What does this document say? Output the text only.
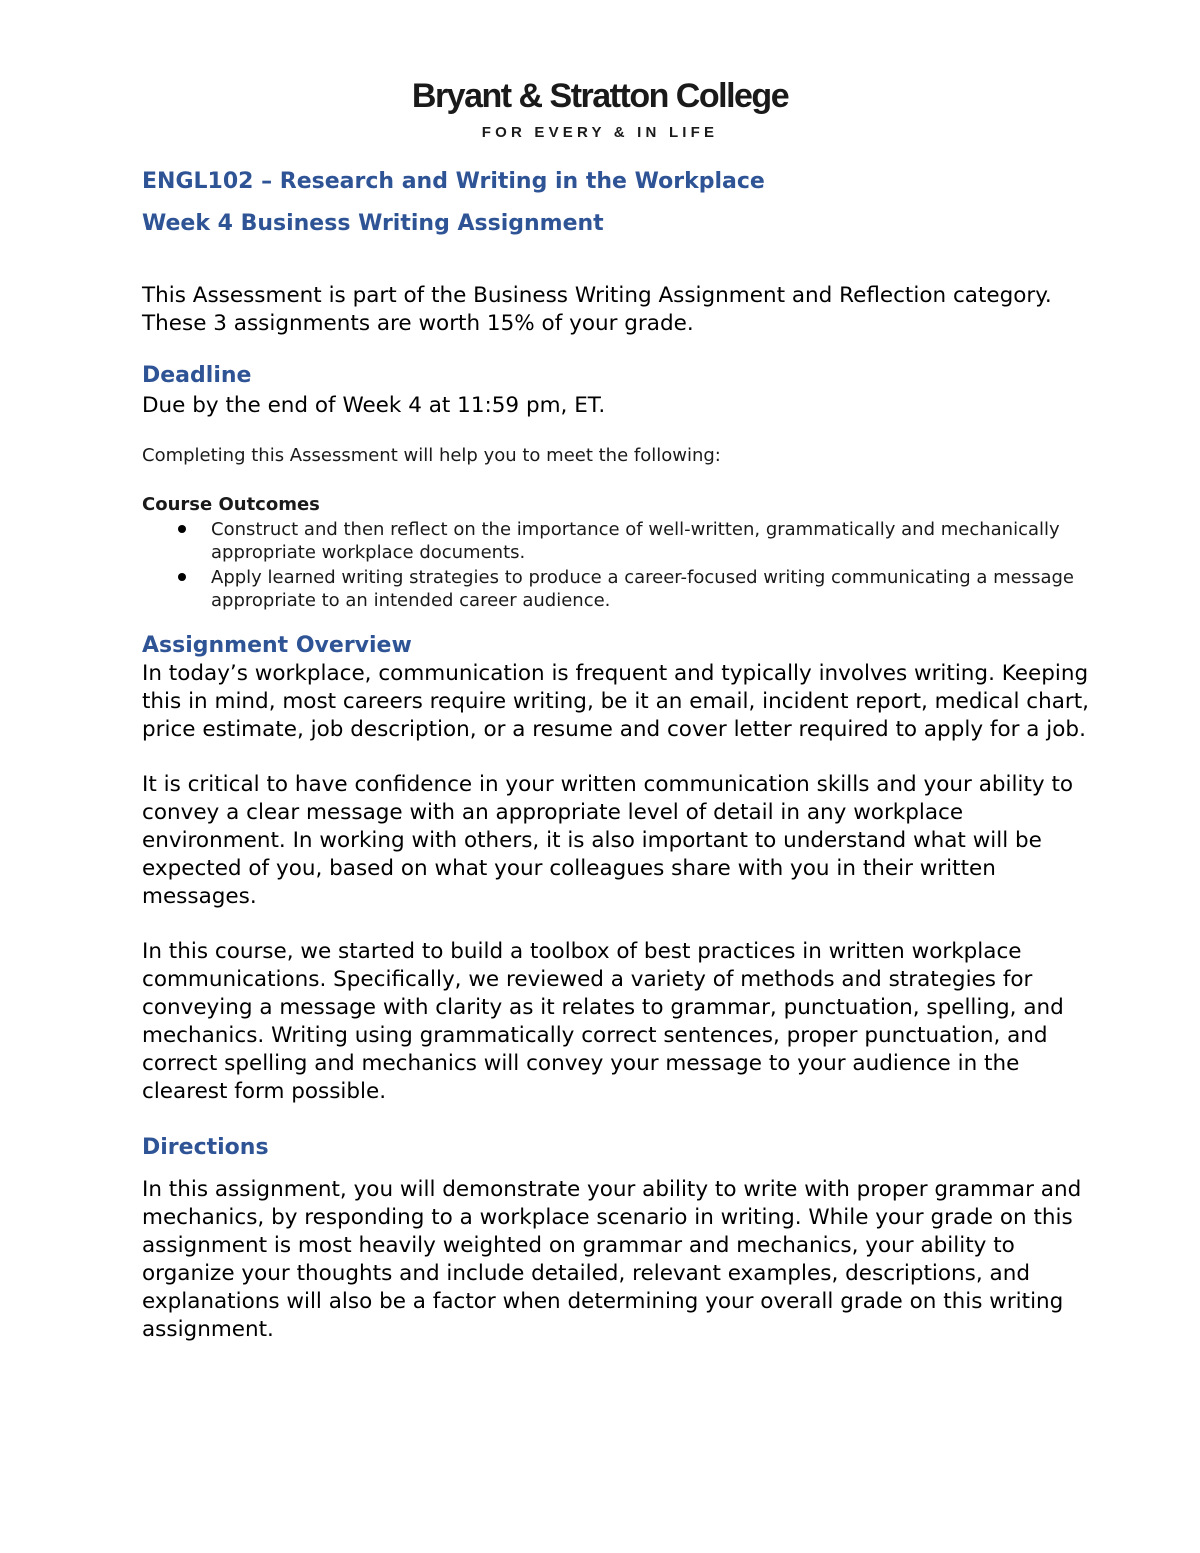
Bryant & Stratton College
FOR EVERY & IN LIFE
ENGL102 – Research and Writing in the Workplace
Week 4 Business Writing Assignment

This Assessment is part of the Business Writing Assignment and Reflection category. These 3 assignments are worth 15% of your grade.

Deadline

Due by the end of Week 4 at 11:59 pm, ET.

Completing this Assessment will help you to meet the following:

Course Outcomes

Construct and then reflect on the importance of well-written, grammatically and mechanically appropriate workplace documents.
Apply learned writing strategies to produce a career-focused writing communicating a message appropriate to an intended career audience.
Assignment Overview

In today’s workplace, communication is frequent and typically involves writing. Keeping this in mind, most careers require writing, be it an email, incident report, medical chart, price estimate, job description, or a resume and cover letter required to apply for a job.

It is critical to have confidence in your written communication skills and your ability to convey a clear message with an appropriate level of detail in any workplace environment. In working with others, it is also important to understand what will be expected of you, based on what your colleagues share with you in their written messages.

In this course, we started to build a toolbox of best practices in written workplace communications. Specifically, we reviewed a variety of methods and strategies for conveying a message with clarity as it relates to grammar, punctuation, spelling, and mechanics. Writing using grammatically correct sentences, proper punctuation, and correct spelling and mechanics will convey your message to your audience in the clearest form possible.

Directions

In this assignment, you will demonstrate your ability to write with proper grammar and mechanics, by responding to a workplace scenario in writing. While your grade on this assignment is most heavily weighted on grammar and mechanics, your ability to organize your thoughts and include detailed, relevant examples, descriptions, and explanations will also be a factor when determining your overall grade on this writing assignment.
